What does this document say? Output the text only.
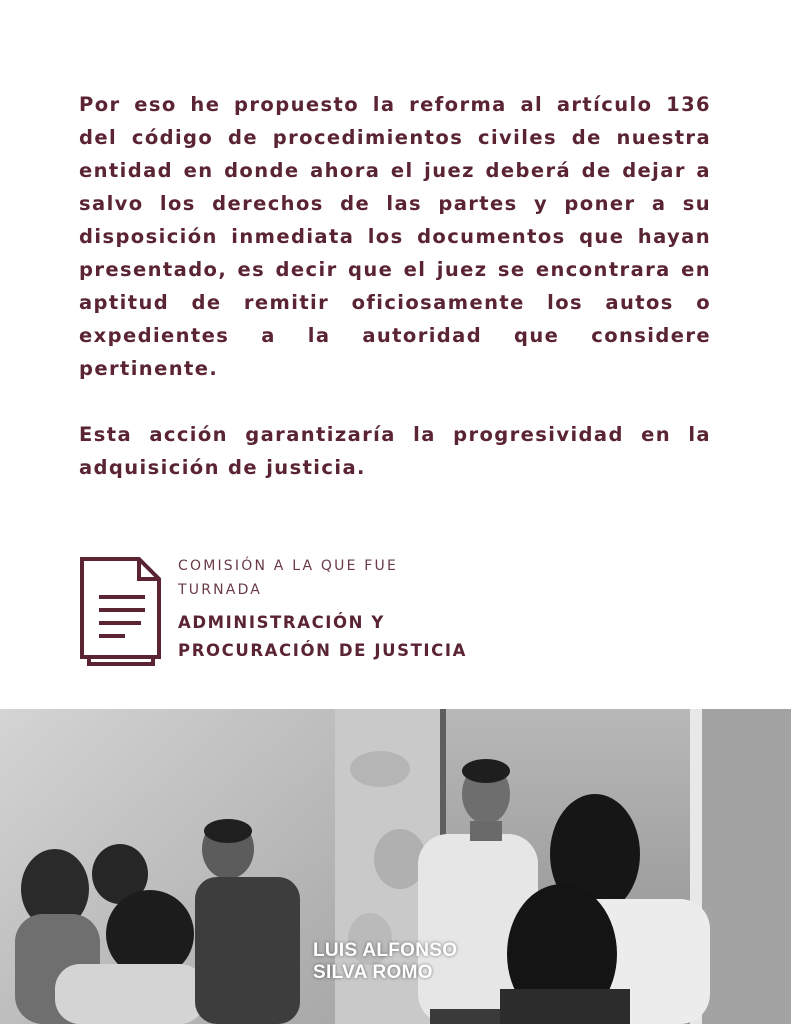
Por eso he propuesto la reforma al artículo 136 del código de procedimientos civiles de nuestra entidad en donde ahora el juez deberá de dejar a salvo los derechos de las partes y poner a su disposición inmediata los documentos que hayan presentado, es decir que el juez se encontrara en aptitud de remitir oficiosamente los autos o expedientes a la autoridad que considere pertinente.

Esta acción garantizaría la progresividad en la adquisición de justicia.

COMISIÓN A LA QUE FUE TURNADA

ADMINISTRACIÓN Y
PROCURACIÓN DE JUSTICIA

LUIS ALFONSO
SILVA ROMO
